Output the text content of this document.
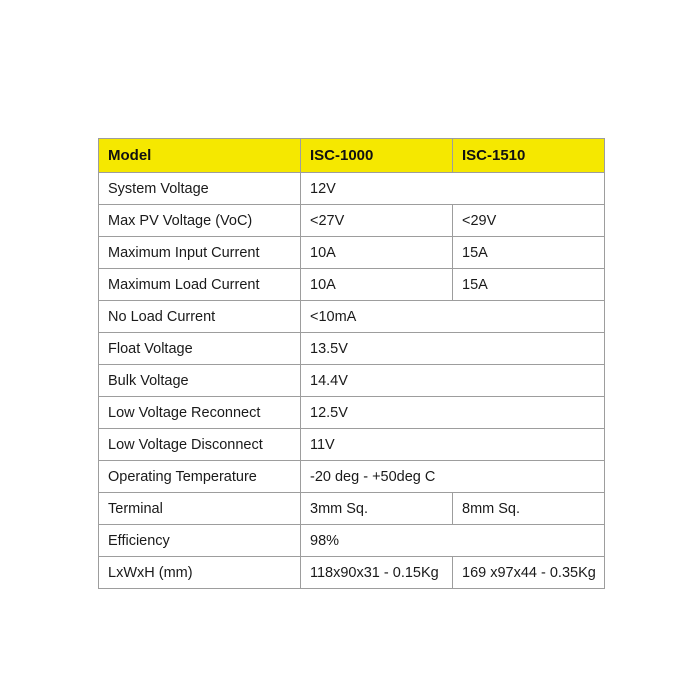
Model	ISC-1000	ISC-1510
System Voltage	12V	
Max PV Voltage (VoC)	<27V	<29V
Maximum Input Current	10A	15A
Maximum Load Current	10A	15A
No Load Current	<10mA	
Float Voltage	13.5V	
Bulk Voltage	14.4V	
Low Voltage Reconnect	12.5V	
Low Voltage Disconnect	11V	
Operating Temperature	-20 deg - +50deg C	
Terminal	3mm Sq.	8mm Sq.
Efficiency	98%	
LxWxH (mm)	118x90x31 - 0.15Kg	169 x97x44 - 0.35Kg
